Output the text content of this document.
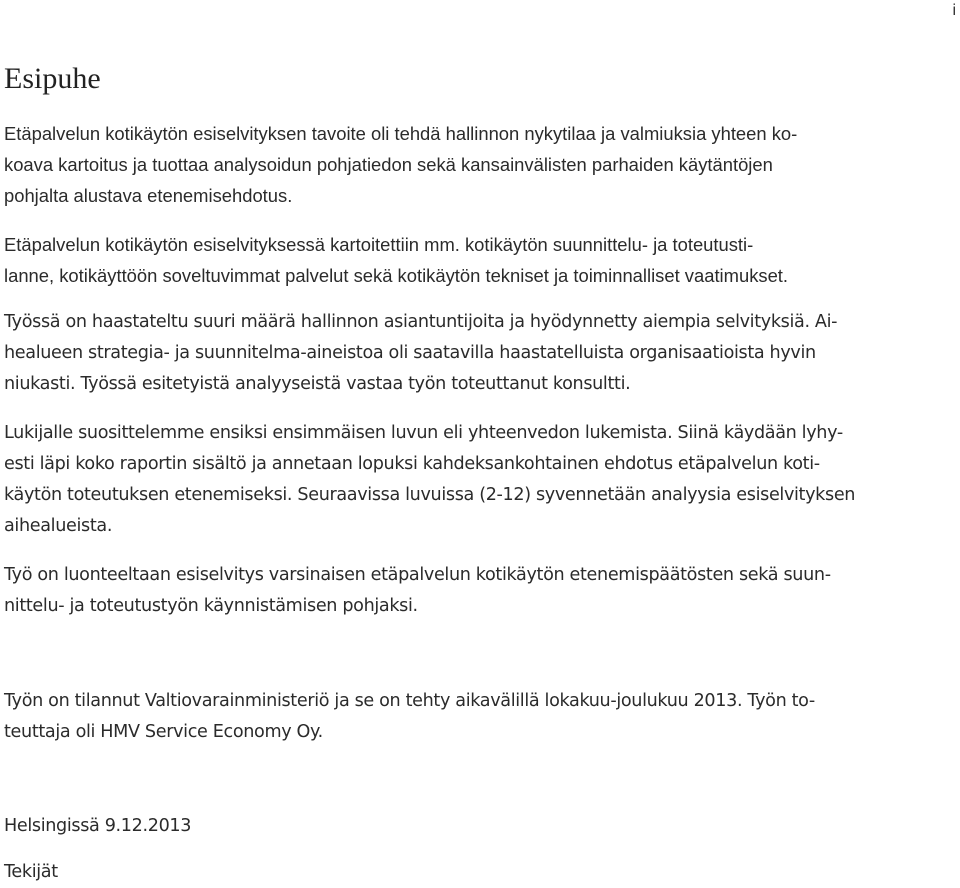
i
Esipuhe

Etäpalvelun kotikäytön esiselvityksen tavoite oli tehdä hallinnon nykytilaa ja valmiuksia yhteen ko-
koava kartoitus ja tuottaa analysoidun pohjatiedon sekä kansainvälisten parhaiden käytäntöjen
pohjalta alustava etenemisehdotus.

Etäpalvelun kotikäytön esiselvityksessä kartoitettiin mm. kotikäytön suunnittelu- ja toteutusti-
lanne, kotikäyttöön soveltuvimmat palvelut sekä kotikäytön tekniset ja toiminnalliset vaatimukset.

Työssä on haastateltu suuri määrä hallinnon asiantuntijoita ja hyödynnetty aiempia selvityksiä. Ai-
healueen strategia- ja suunnitelma-aineistoa oli saatavilla haastatelluista organisaatioista hyvin
niukasti. Työssä esitetyistä analyyseistä vastaa työn toteuttanut konsultti.

Lukijalle suosittelemme ensiksi ensimmäisen luvun eli yhteenvedon lukemista. Siinä käydään lyhy-
esti läpi koko raportin sisältö ja annetaan lopuksi kahdeksankohtainen ehdotus etäpalvelun koti-
käytön toteutuksen etenemiseksi. Seuraavissa luvuissa (2-12) syvennetään analyysia esiselvityksen
aihealueista.

Työ on luonteeltaan esiselvitys varsinaisen etäpalvelun kotikäytön etenemispäätösten sekä suun-
nittelu- ja toteutustyön käynnistämisen pohjaksi.

Työn on tilannut Valtiovarainministeriö ja se on tehty aikavälillä lokakuu-joulukuu 2013. Työn to-
teuttaja oli HMV Service Economy Oy.

Helsingissä 9.12.2013

Tekijät
